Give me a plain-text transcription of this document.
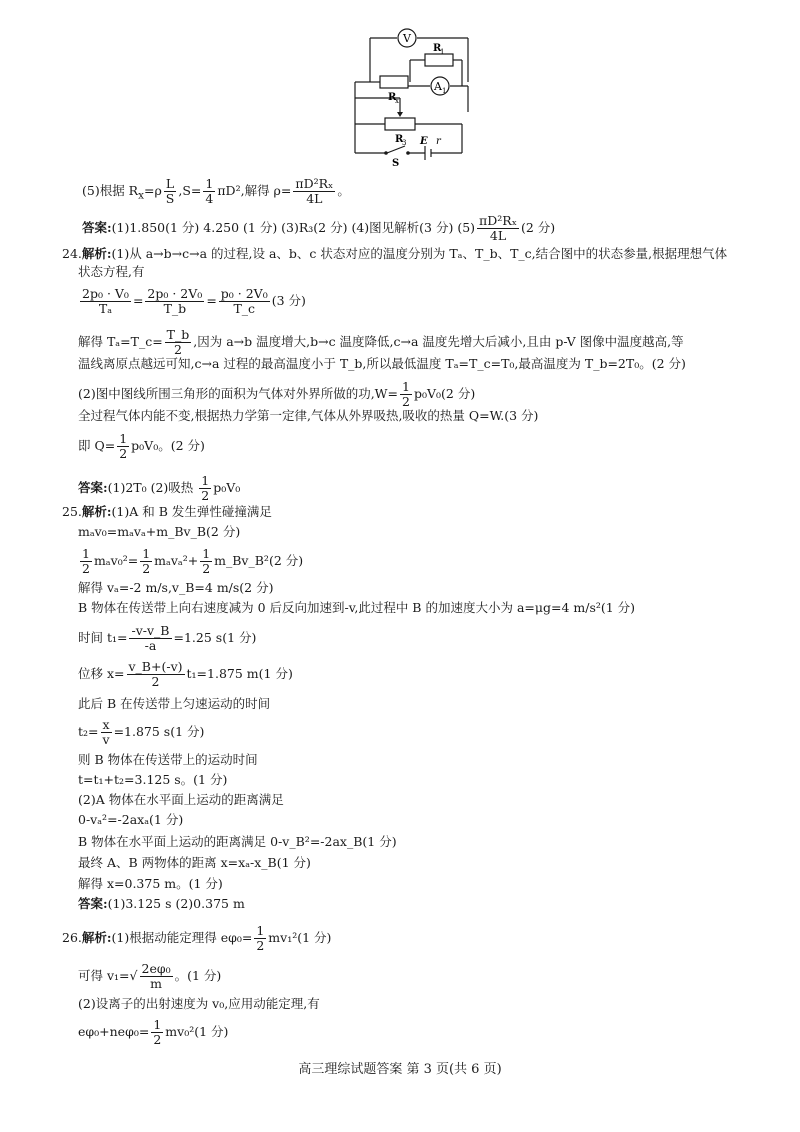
V
A 1
R
1
R
x
R
3 E r
S
(5)根据 $R_x=\rho \frac{L}{S} ,S= \frac{1}{4} \pi D^2$,解得 $\rho= \frac{\text{πD²Rₓ}}{4L}$ 。
答案:(1)1.850(1 分) 4.250 (1 分) (3)R₃(2 分) (4)图见解析(3 分) $(5) \frac{\text{πD²Rₓ}}{4L} (2$ 分)
24.解析:(1)从 a→b→c→a 的过程,设 a、b、c 状态对应的温度分别为 Tₐ、T_b、T_c,结合图中的状态参量,根据理想气体
状态方程,有
$\frac{\text{2p₀ · V₀}}{\text{Tₐ}} = \frac{\text{2p₀ · 2V₀}}{T\_b} = \frac{\text{p₀ · 2V₀}}{T\_c} (3$ 分)
解得 Tₐ=T_c= $\frac{T\_b}{2}$ ,因为 a→b 温度增大,b→c 温度降低,c→a 温度先增大后减小,且由 p-V 图像中温度越高,等
温线离原点越远可知,c→a 过程的最高温度小于 T_b,所以最低温度 Tₐ=T_c=T₀,最高温度为 T_b=2T₀。(2 分)
(2)图中图线所围三角形的面积为气体对外界所做的功$,W= \frac{1}{2} p_0V_0(2$ 分)
全过程气体内能不变,根据热力学第一定律,气体从外界吸热,吸收的热量 Q=W.(3 分)
即 $Q= \frac{1}{2} p_0V_0$。(2 分)
答案:(1)2T₀ (2)吸热 $\frac{1}{2} p_0V_0$
25.解析:(1)A 和 B 发生弹性碰撞满足
mₐv₀=mₐvₐ+m_Bv_B(2 分)
$\frac{1}{2} m_av_0^2= \frac{1}{2} m_av_a^2+ \frac{1}{2}$ m_Bv_B²(2 分)
解得 vₐ=-2 m/s,v_B=4 m/s(2 分)
B 物体在传送带上向右速度减为 0 后反向加速到-v,此过程中 B 的加速度大小为 a=μg=4 m/s²(1 分)
时间 $t_1= \frac{-v-v\_B}{-a} =1.25$ s(1 分)
位移 $x= \frac{v\_B+(-v)}{2} t_1=1.875$ m(1 分)
此后 B 在传送带上匀速运动的时间
$t_2= \frac{x}{v} =1.875$ s(1 分)
则 B 物体在传送带上的运动时间
t=t₁+t₂=3.125 s。(1 分)
(2)A 物体在水平面上运动的距离满足
0-vₐ²=-2axₐ(1 分)
B 物体在水平面上运动的距离满足 0-v_B²=-2ax_B(1 分)
最终 A、B 两物体的距离 x=xₐ-x_B(1 分)
解得 x=0.375 m。(1 分)
答案:(1)3.125 s (2)0.375 m
26.解析:(1)根据动能定理得 $e\varphi_0= \frac{1}{2} mv_1^2(1$ 分)
可得 $v_1=√ \frac{\text{2eφ₀}}{m}$ 。(1 分)
(2)设离子的出射速度为 v₀,应用动能定理,有
$e\varphi_0+ne\varphi_0= \frac{1}{2} mv_0^2(1$ 分)
高三理综试题答案 第 3 页(共 6 页)
